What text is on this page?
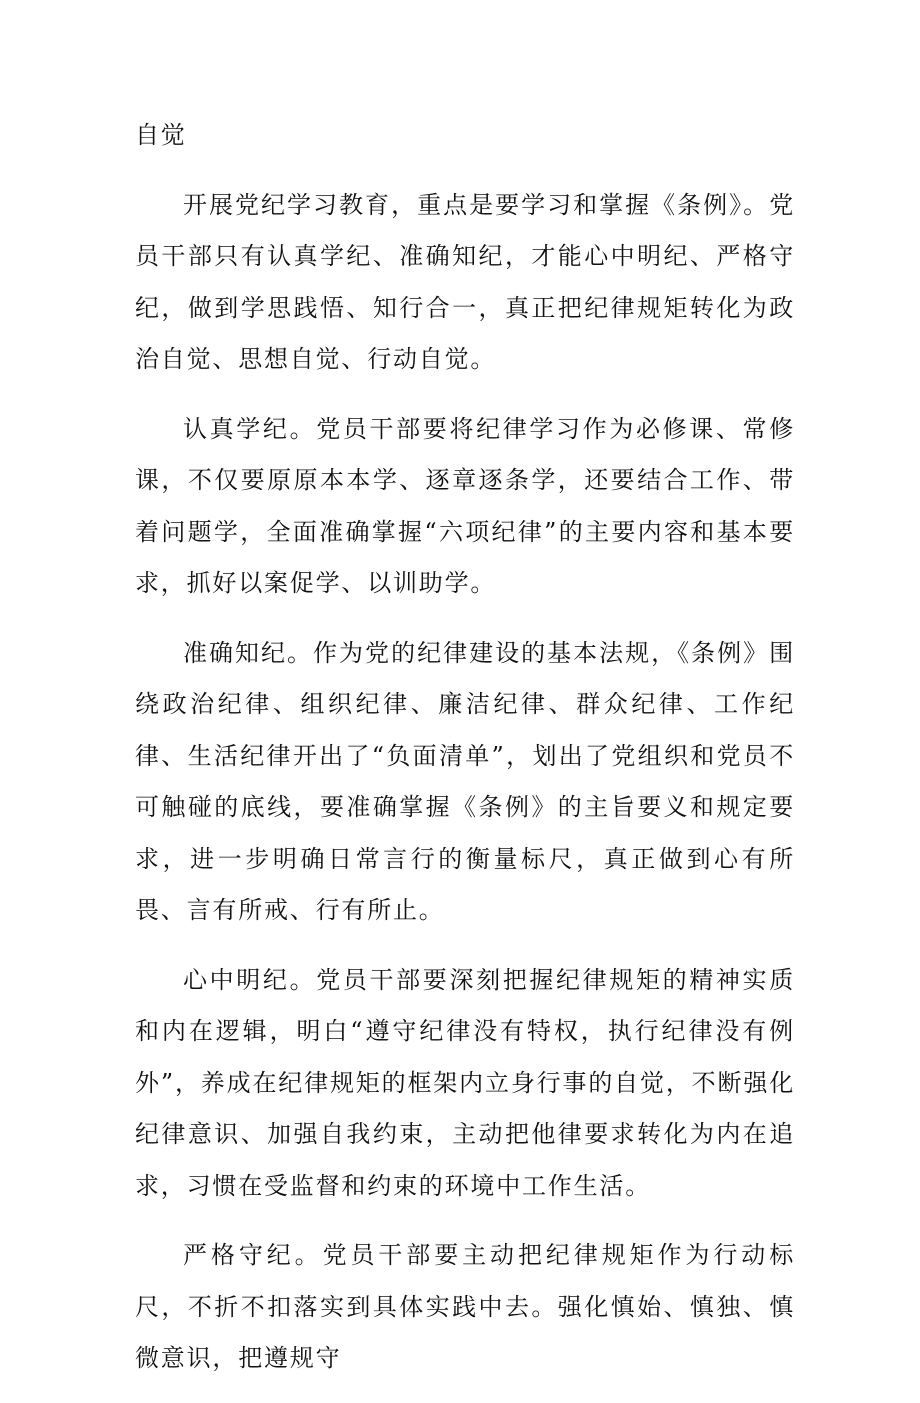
自觉

开展党纪学习教育，重点是要学习和掌握《条例》。党员干部只有认真学纪、准确知纪，才能心中明纪、严格守纪，做到学思践悟、知行合一，真正把纪律规矩转化为政治自觉、思想自觉、行动自觉。

认真学纪。党员干部要将纪律学习作为必修课、常修课，不仅要原原本本学、逐章逐条学，还要结合工作、带着问题学，全面准确掌握“六项纪律”的主要内容和基本要求，抓好以案促学、以训助学。

准确知纪。作为党的纪律建设的基本法规，《条例》围绕政治纪律、组织纪律、廉洁纪律、群众纪律、工作纪律、生活纪律开出了“负面清单”，划出了党组织和党员不可触碰的底线，要准确掌握《条例》的主旨要义和规定要求，进一步明确日常言行的衡量标尺，真正做到心有所畏、言有所戒、行有所止。

心中明纪。党员干部要深刻把握纪律规矩的精神实质和内在逻辑，明白“遵守纪律没有特权，执行纪律没有例外”，养成在纪律规矩的框架内立身行事的自觉，不断强化纪律意识、加强自我约束，主动把他律要求转化为内在追求，习惯在受监督和约束的环境中工作生活。

严格守纪。党员干部要主动把纪律规矩作为行动标尺，不折不扣落实到具体实践中去。强化慎始、慎独、慎微意识，把遵规守
